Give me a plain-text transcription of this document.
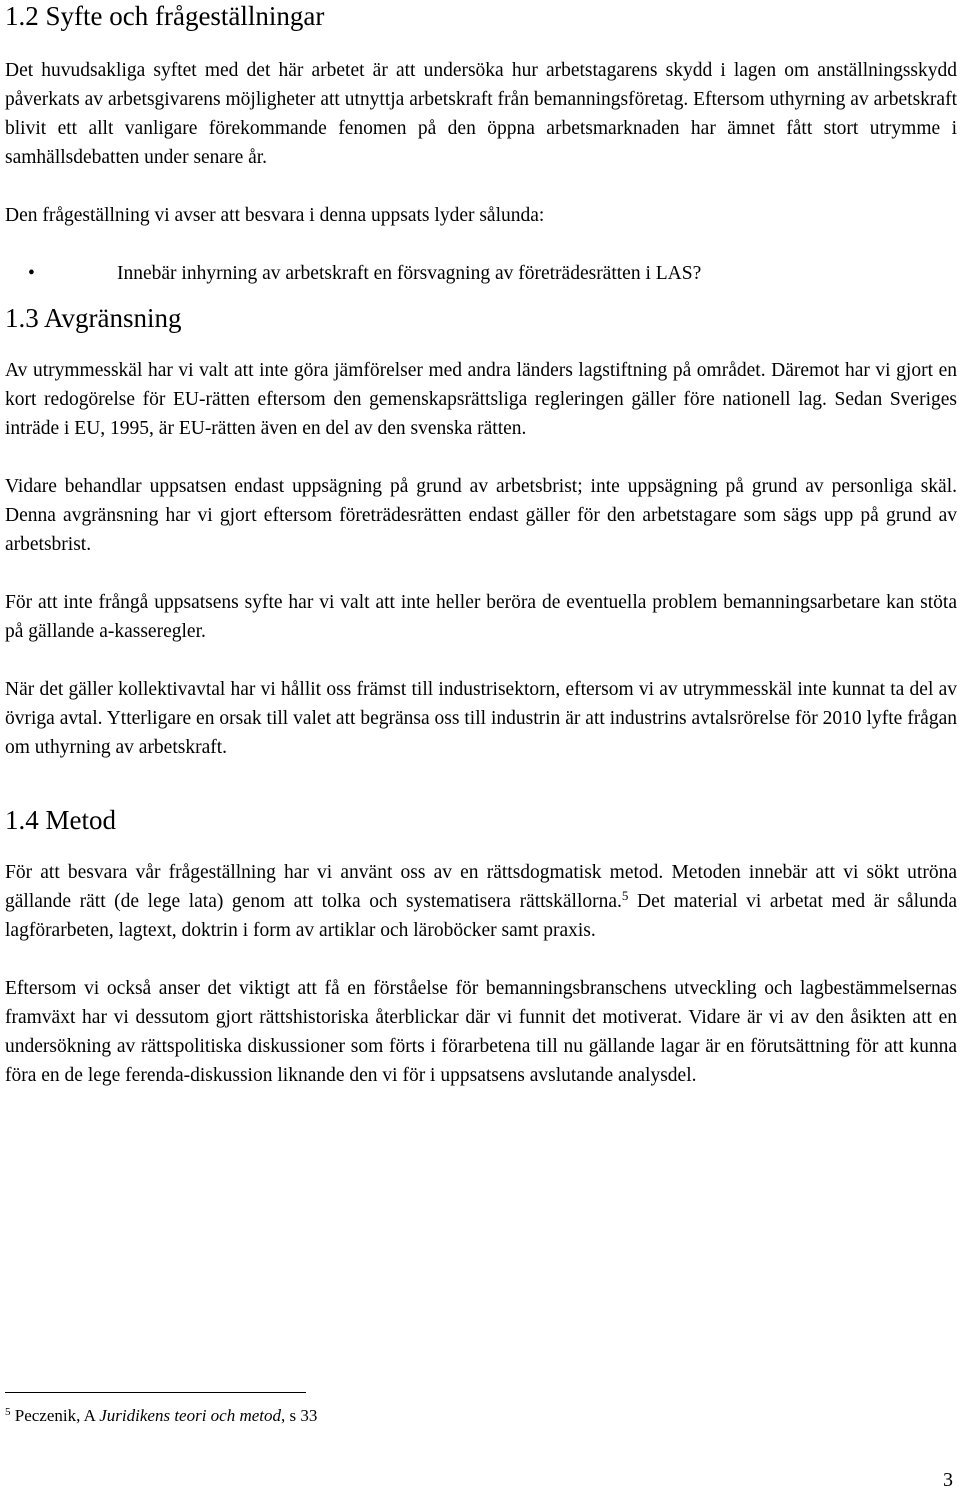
1.2 Syfte och frågeställningar

Det huvudsakliga syftet med det här arbetet är att undersöka hur arbetstagarens skydd i lagen om anställningsskydd påverkats av arbetsgivarens möjligheter att utnyttja arbetskraft från bemanningsföretag. Eftersom uthyrning av arbetskraft blivit ett allt vanligare förekommande fenomen på den öppna arbetsmarknaden har ämnet fått stort utrymme i samhällsdebatten under senare år.

Den frågeställning vi avser att besvara i denna uppsats lyder sålunda:

•	Innebär inhyrning av arbetskraft en försvagning av företrädesrätten i LAS?
1.3 Avgränsning

Av utrymmesskäl har vi valt att inte göra jämförelser med andra länders lagstiftning på området. Däremot har vi gjort en kort redogörelse för EU-rätten eftersom den gemenskapsrättsliga regleringen gäller före nationell lag. Sedan Sveriges inträde i EU, 1995, är EU-rätten även en del av den svenska rätten.

Vidare behandlar uppsatsen endast uppsägning på grund av arbetsbrist; inte uppsägning på grund av personliga skäl. Denna avgränsning har vi gjort eftersom företrädesrätten endast gäller för den arbetstagare som sägs upp på grund av arbetsbrist.

För att inte frångå uppsatsens syfte har vi valt att inte heller beröra de eventuella problem bemanningsarbetare kan stöta på gällande a-kasseregler.

När det gäller kollektivavtal har vi hållit oss främst till industrisektorn, eftersom vi av utrymmesskäl inte kunnat ta del av övriga avtal. Ytterligare en orsak till valet att begränsa oss till industrin är att industrins avtalsrörelse för 2010 lyfte frågan om uthyrning av arbetskraft.

1.4 Metod

För att besvara vår frågeställning har vi använt oss av en rättsdogmatisk metod. Metoden innebär att vi sökt utröna gällande rätt (de lege lata) genom att tolka och systematisera rättskällorna.$^5$ Det material vi arbetat med är sålunda lagförarbeten, lagtext, doktrin i form av artiklar och läroböcker samt praxis.

Eftersom vi också anser det viktigt att få en förståelse för bemanningsbranschens utveckling och lagbestämmelsernas framväxt har vi dessutom gjort rättshistoriska återblickar där vi funnit det motiverat. Vidare är vi av den åsikten att en undersökning av rättspolitiska diskussioner som förts i förarbetena till nu gällande lagar är en förutsättning för att kunna föra en de lege ferenda-diskussion liknande den vi för i uppsatsens avslutande analysdel.

$^5$ Peczenik, A Juridikens teori och metod, s 33
3
